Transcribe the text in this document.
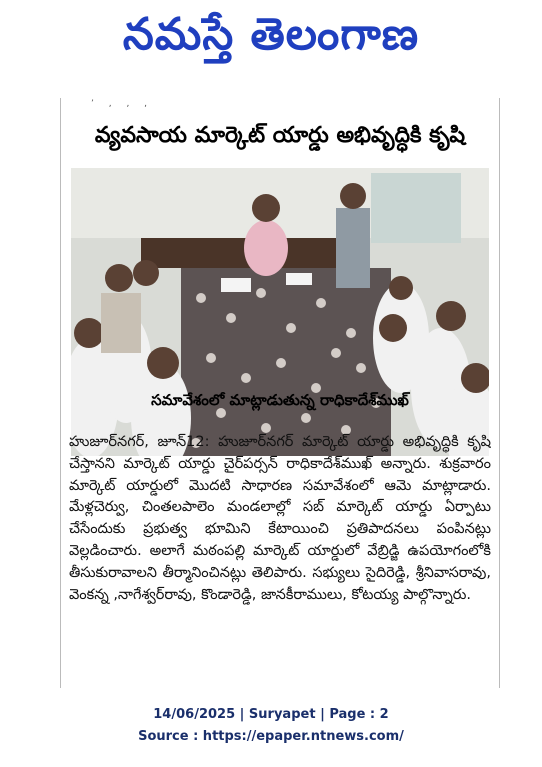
నమస్తే తెలంగాణ
’ , , ,
వ్యవసాయ మార్కెట్ యార్డు అభివృద్ధికి కృషి
సమావేశంలో మాట్లాడుతున్న రాధికాదేశ్‌ముఖ్
హుజూర్‌నగర్, జూన్12: హుజూర్‌నగర్ మార్కెట్ యార్డు అభివృద్ధికి కృషి చేస్తానని మార్కెట్ యార్డు చైర్‌పర్సన్ రాధికాదేశ్‌ముఖ్ అన్నారు. శుక్రవారం మార్కెట్ యార్డులో మొదటి సాధారణ సమావేశంలో ఆమె మాట్లాడారు. మేళ్లచెర్వు, చింతలపాలెం మండలాల్లో సబ్ మార్కెట్ యార్డు ఏర్పాటు చేసేందుకు ప్రభుత్వ భూమిని కేటాయించి ప్రతిపాదనలు పంపినట్లు వెల్లడించారు. అలాగే మఠంపల్లి మార్కెట్ యార్డులో వేబ్రిడ్జి ఉపయోగంలోకి తీసుకురావాలని తీర్మానించినట్లు తెలిపారు. సభ్యులు సైదిరెడ్డి, శ్రీనివాసరావు, వెంకన్న ,నాగేశ్వర్‌రావు, కొండారెడ్డి, జానకీరాములు, కోటయ్య పాల్గొన్నారు.
14/06/2025 | Suryapet | Page : 2
Source : https://epaper.ntnews.com/
